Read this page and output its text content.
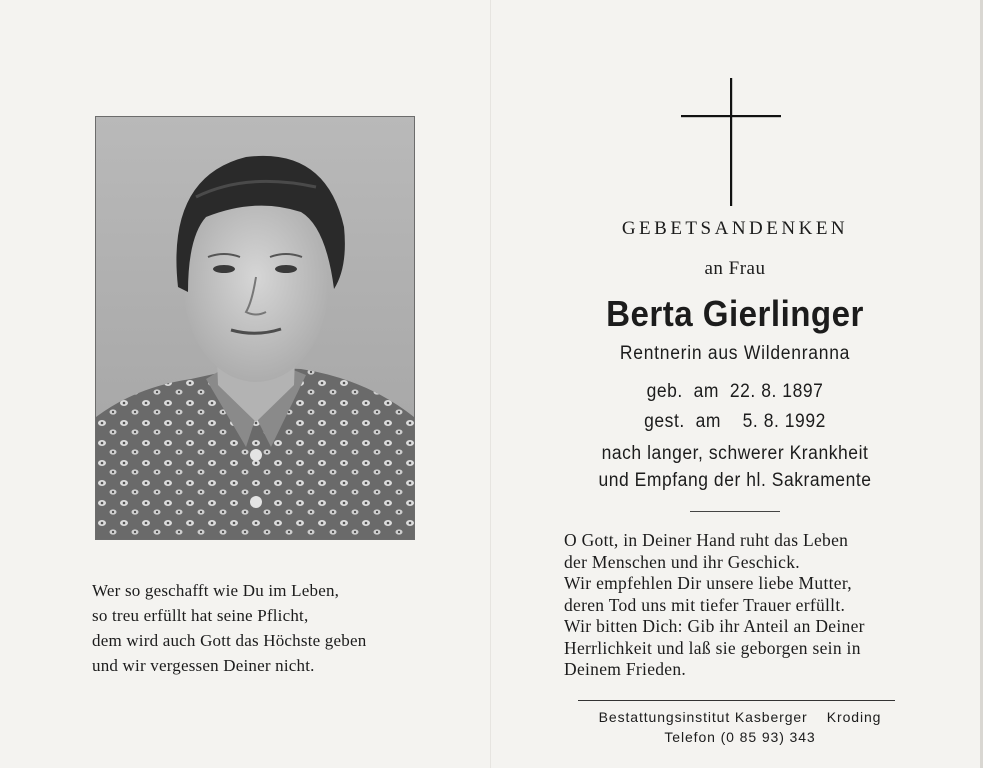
Wer so geschafft wie Du im Leben,
so treu erfüllt hat seine Pflicht,
dem wird auch Gott das Höchste geben
und wir vergessen Deiner nicht.
GEBETSANDENKEN
an Frau
Berta Gierlinger
Rentnerin aus Wildenranna
geb.  am  22. 8. 1897
gest.  am    5. 8. 1992
nach langer, schwerer Krankheit
und Empfang der hl. Sakramente
O Gott, in Deiner Hand ruht das Leben
der Menschen und ihr Geschick.
Wir empfehlen Dir unsere liebe Mutter,
deren Tod uns mit tiefer Trauer erfüllt.
Wir bitten Dich: Gib ihr Anteil an Deiner
Herrlichkeit und laß sie geborgen sein in
Deinem Frieden.
Bestattungsinstitut Kasberger    Kroding
Telefon (0 85 93) 343
